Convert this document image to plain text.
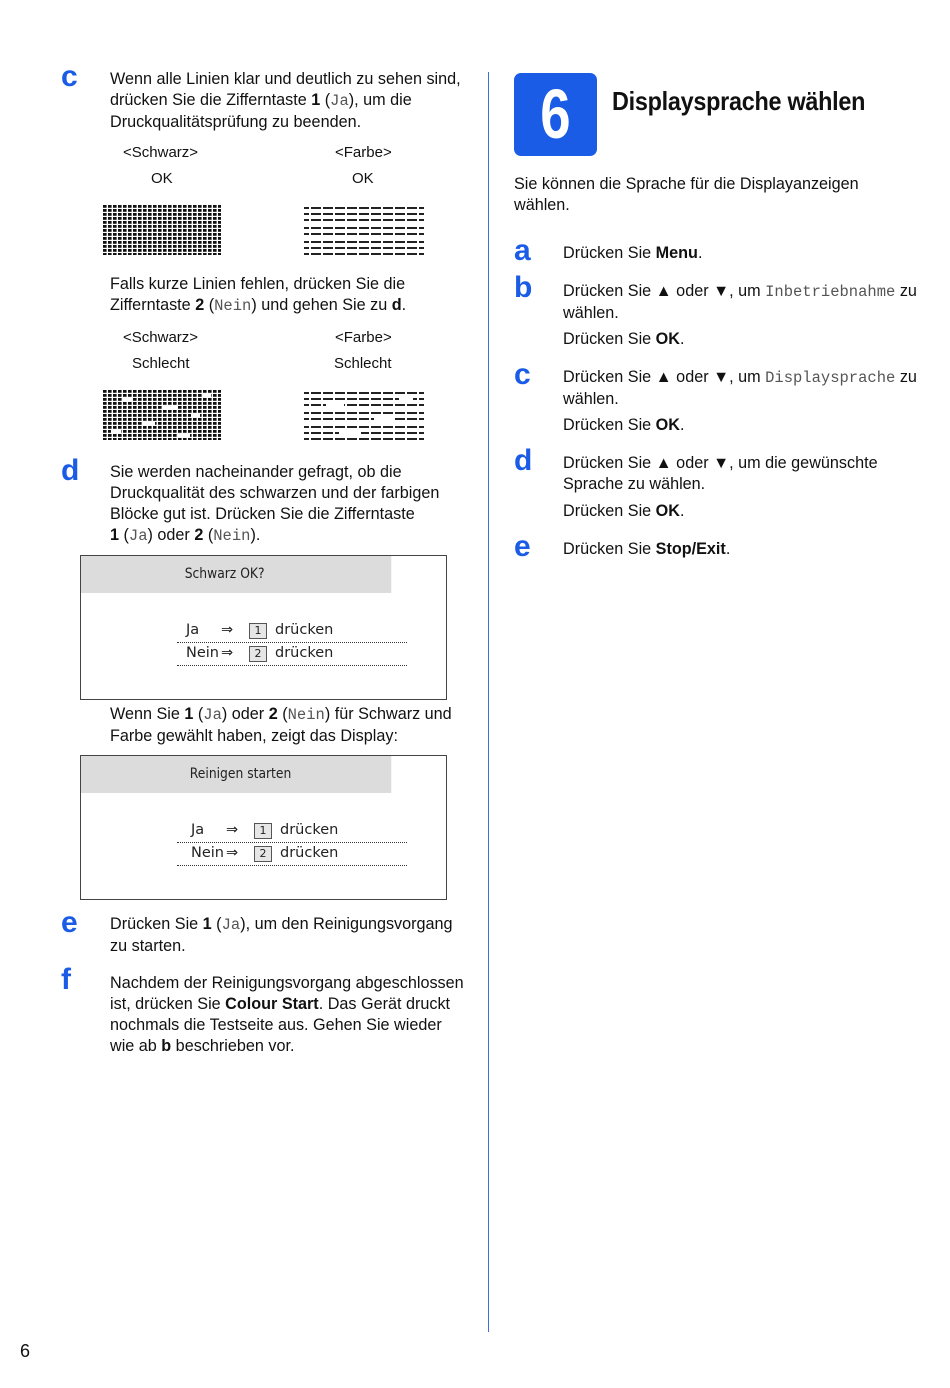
c Wenn alle Linien klar und deutlich zu sehen sind, drücken Sie die Zifferntaste 1 (Ja), um die Druckqualitätsprüfung zu beenden.

<Schwarz>	<Farbe>
OK	OK

Falls kurze Linien fehlen, drücken Sie die Zifferntaste 2 (Nein) und gehen Sie zu d.

<Schwarz>	<Farbe>
Schlecht	Schlecht
d Sie werden nacheinander gefragt, ob die Druckqualität des schwarzen und der farbigen Blöcke gut ist. Drücken Sie die Zifferntaste
1 (Ja) oder 2 (Nein).

Schwarz OK?
Ja ⇒	1 drücken
Nein ⇒	2 drücken

Wenn Sie 1 (Ja) oder 2 (Nein) für Schwarz und Farbe gewählt haben, zeigt das Display:

Reinigen starten
Ja ⇒	1 drücken
Nein ⇒	2 drücken
e Drücken Sie 1 (Ja), um den Reinigungsvorgang zu starten.

f Nachdem der Reinigungsvorgang abgeschlossen ist, drücken Sie Colour Start. Das Gerät druckt nochmals die Testseite aus. Gehen Sie wieder wie ab b beschrieben vor.

6	Displaysprache wählen

Sie können die Sprache für die Displayanzeigen wählen.

a Drücken Sie Menu.

b Drücken Sie ▲ oder ▼, um Inbetriebnahme zu wählen.

Drücken Sie OK.

c Drücken Sie ▲ oder ▼, um Displaysprache zu wählen.

Drücken Sie OK.

d Drücken Sie ▲ oder ▼, um die gewünschte Sprache zu wählen.

Drücken Sie OK.

e Drücken Sie Stop/Exit.

6
